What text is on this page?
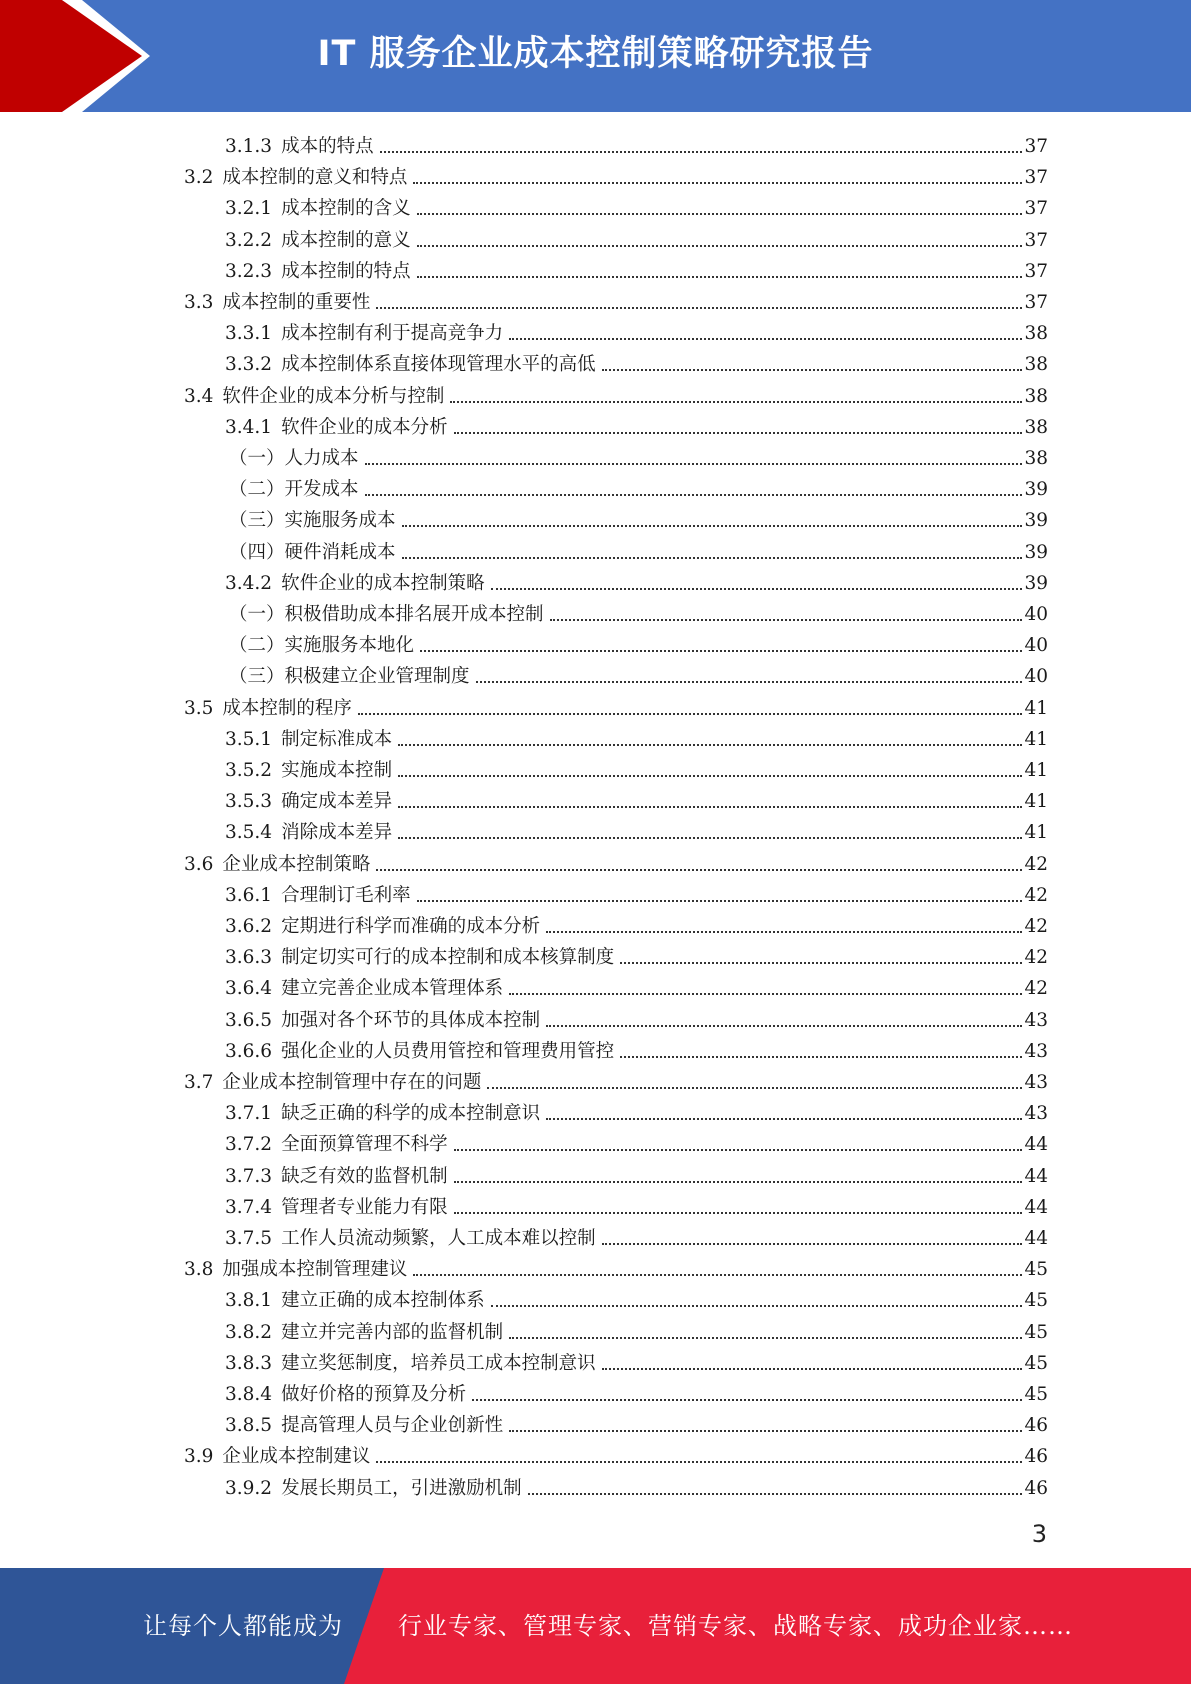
IT 服务企业成本控制策略研究报告
3.1.3 成本的特点	37
3.2 成本控制的意义和特点	37
3.2.1 成本控制的含义	37
3.2.2 成本控制的意义	37
3.2.3 成本控制的特点	37
3.3 成本控制的重要性	37
3.3.1 成本控制有利于提高竞争力	38
3.3.2 成本控制体系直接体现管理水平的高低	38
3.4 软件企业的成本分析与控制	38
3.4.1 软件企业的成本分析	38
（一）人力成本	38
（二）开发成本	39
（三）实施服务成本	39
（四）硬件消耗成本	39
3.4.2 软件企业的成本控制策略	39
（一）积极借助成本排名展开成本控制	40
（二）实施服务本地化	40
（三）积极建立企业管理制度	40
3.5 成本控制的程序	41
3.5.1 制定标准成本	41
3.5.2 实施成本控制	41
3.5.3 确定成本差异	41
3.5.4 消除成本差异	41
3.6 企业成本控制策略	42
3.6.1 合理制订毛利率	42
3.6.2 定期进行科学而准确的成本分析	42
3.6.3 制定切实可行的成本控制和成本核算制度	42
3.6.4 建立完善企业成本管理体系	42
3.6.5 加强对各个环节的具体成本控制	43
3.6.6 强化企业的人员费用管控和管理费用管控	43
3.7 企业成本控制管理中存在的问题	43
3.7.1 缺乏正确的科学的成本控制意识	43
3.7.2 全面预算管理不科学	44
3.7.3 缺乏有效的监督机制	44
3.7.4 管理者专业能力有限	44
3.7.5 工作人员流动频繁，人工成本难以控制	44
3.8 加强成本控制管理建议	45
3.8.1 建立正确的成本控制体系	45
3.8.2 建立并完善内部的监督机制	45
3.8.3 建立奖惩制度，培养员工成本控制意识	45
3.8.4 做好价格的预算及分析	45
3.8.5 提高管理人员与企业创新性	46
3.9 企业成本控制建议	46
3.9.2 发展长期员工，引进激励机制	46
3
让每个人都能成为 行业专家、管理专家、营销专家、战略专家、成功企业家……
